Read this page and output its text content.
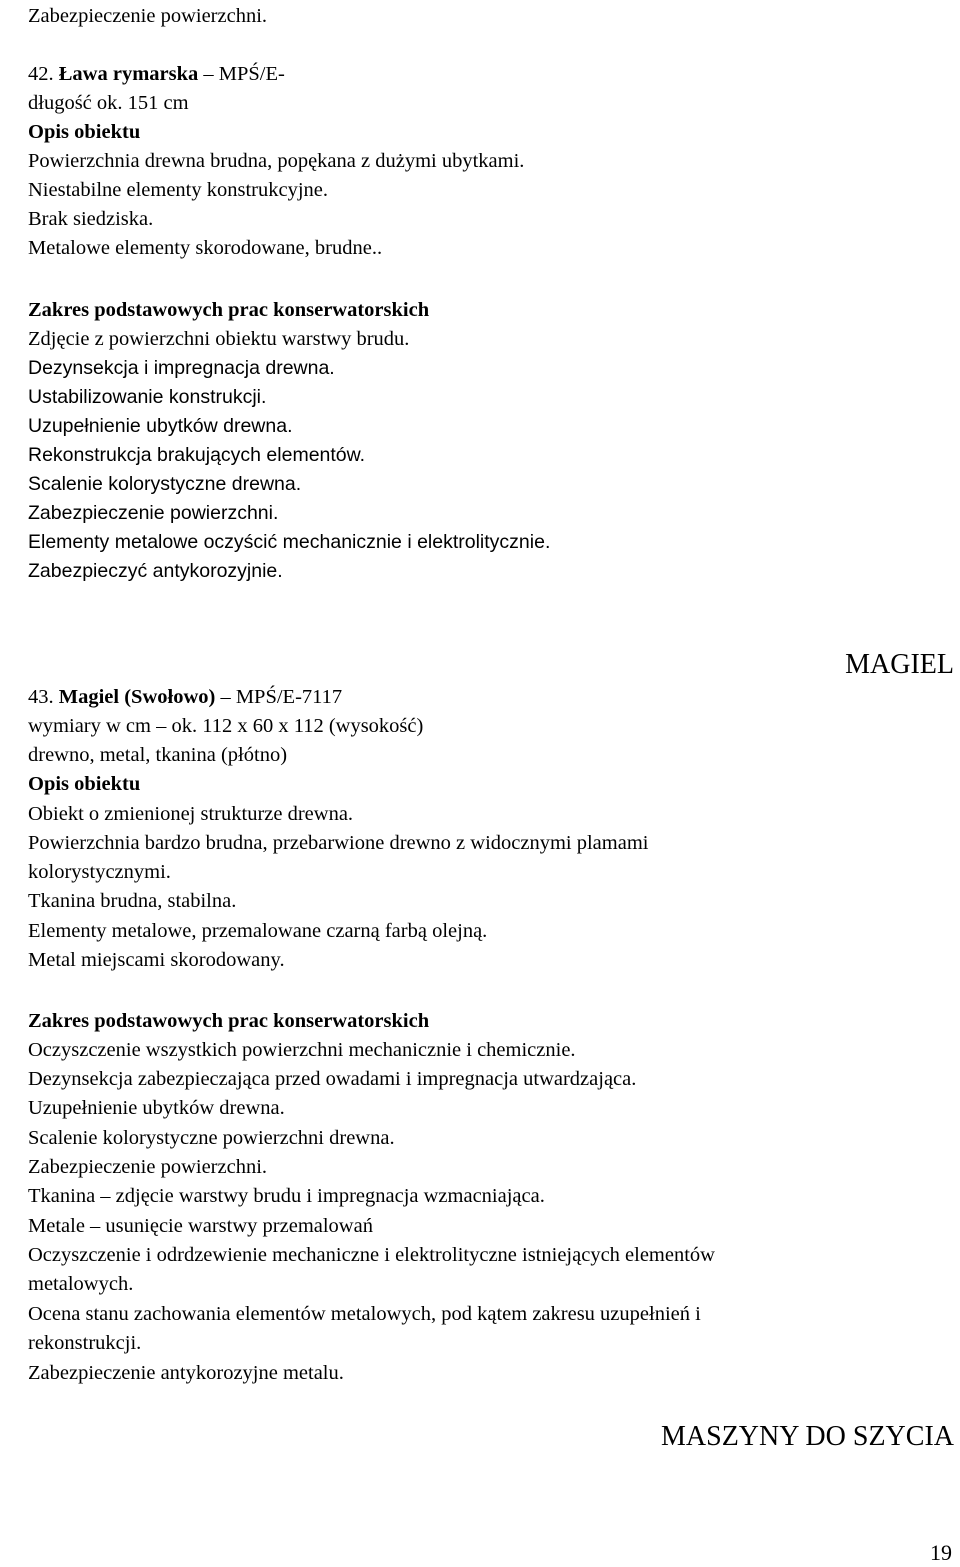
Zabezpieczenie powierzchni.
42. Ława rymarska – MPŚ/E-
długość ok. 151 cm
Opis obiektu
Powierzchnia drewna brudna, popękana z dużymi ubytkami.
Niestabilne elementy konstrukcyjne.
Brak siedziska.
Metalowe elementy skorodowane, brudne..
Zakres podstawowych prac konserwatorskich
Zdjęcie z powierzchni obiektu warstwy brudu.
Dezynsekcja i impregnacja drewna.
Ustabilizowanie konstrukcji.
Uzupełnienie ubytków drewna.
Rekonstrukcja brakujących elementów.
Scalenie kolorystyczne drewna.
Zabezpieczenie powierzchni.
Elementy metalowe oczyścić mechanicznie i elektrolitycznie.
Zabezpieczyć antykorozyjnie.
MAGIEL
43. Magiel (Swołowo) – MPŚ/E-7117
wymiary w cm – ok. 112 x 60 x 112 (wysokość)
drewno, metal, tkanina (płótno)
Opis obiektu
Obiekt o zmienionej strukturze drewna.
Powierzchnia bardzo brudna, przebarwione drewno z widocznymi plamami
kolorystycznymi.
Tkanina brudna, stabilna.
Elementy metalowe, przemalowane czarną farbą olejną.
Metal miejscami skorodowany.
Zakres podstawowych prac konserwatorskich
Oczyszczenie wszystkich powierzchni mechanicznie i chemicznie.
Dezynsekcja zabezpieczająca przed owadami i impregnacja utwardzająca.
Uzupełnienie ubytków drewna.
Scalenie kolorystyczne powierzchni drewna.
Zabezpieczenie powierzchni.
Tkanina – zdjęcie warstwy brudu i impregnacja wzmacniająca.
Metale – usunięcie warstwy przemalowań
Oczyszczenie i odrdzewienie mechaniczne i elektrolityczne istniejących elementów
metalowych.
Ocena stanu zachowania elementów metalowych, pod kątem zakresu uzupełnień i
rekonstrukcji.
Zabezpieczenie antykorozyjne metalu.
MASZYNY DO SZYCIA
19
